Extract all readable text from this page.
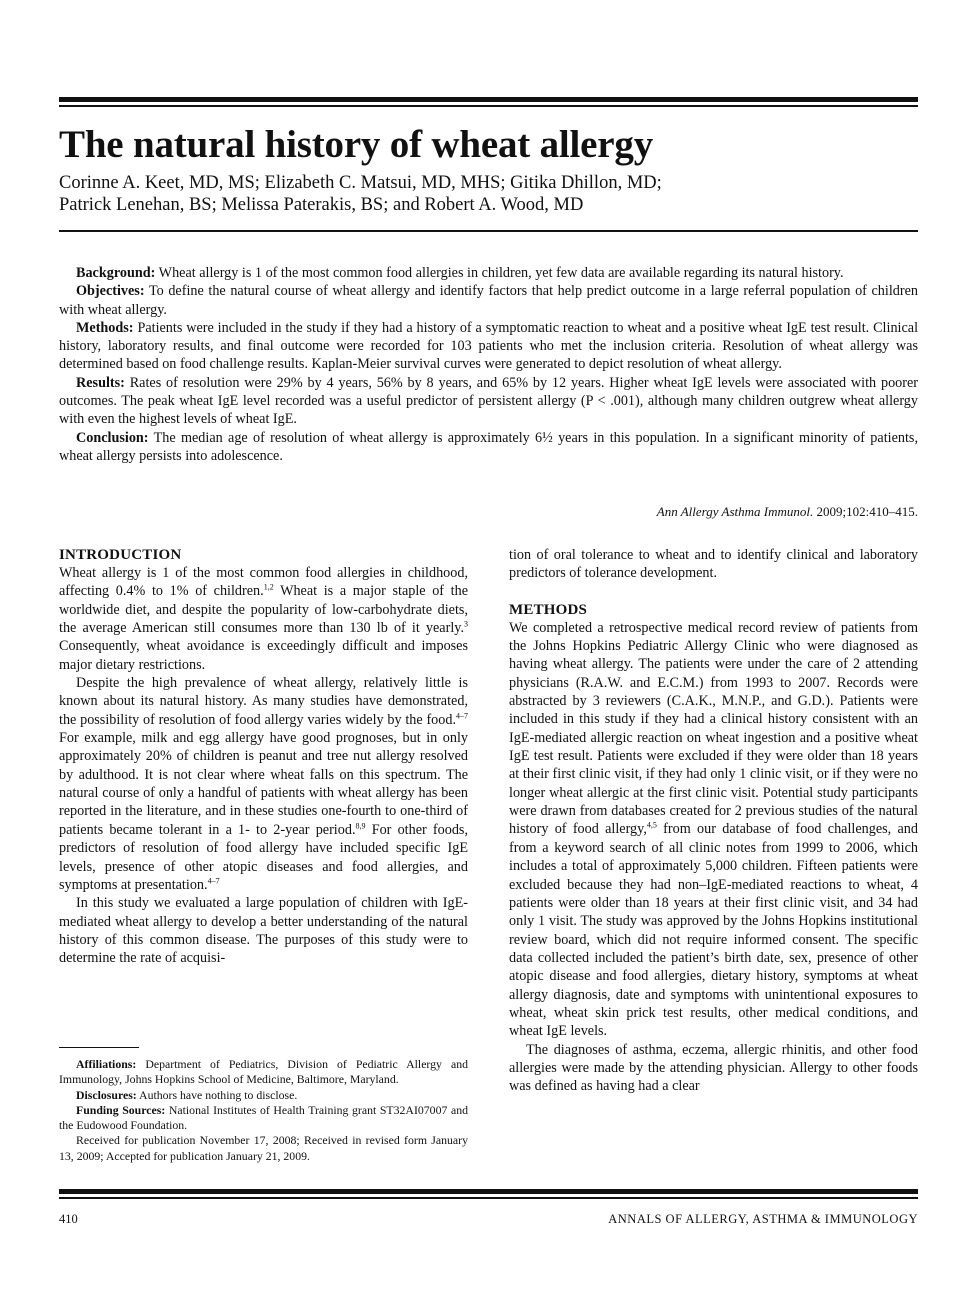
The natural history of wheat allergy
Corinne A. Keet, MD, MS; Elizabeth C. Matsui, MD, MHS; Gitika Dhillon, MD;
Patrick Lenehan, BS; Melissa Paterakis, BS; and Robert A. Wood, MD

Background: Wheat allergy is 1 of the most common food allergies in children, yet few data are available regarding its natural history.

Objectives: To define the natural course of wheat allergy and identify factors that help predict outcome in a large referral population of children with wheat allergy.

Methods: Patients were included in the study if they had a history of a symptomatic reaction to wheat and a positive wheat IgE test result. Clinical history, laboratory results, and final outcome were recorded for 103 patients who met the inclusion criteria. Resolution of wheat allergy was determined based on food challenge results. Kaplan-Meier survival curves were generated to depict resolution of wheat allergy.

Results: Rates of resolution were 29% by 4 years, 56% by 8 years, and 65% by 12 years. Higher wheat IgE levels were associated with poorer outcomes. The peak wheat IgE level recorded was a useful predictor of persistent allergy (P < .001), although many children outgrew wheat allergy with even the highest levels of wheat IgE.

Conclusion: The median age of resolution of wheat allergy is approximately 6½ years in this population. In a significant minority of patients, wheat allergy persists into adolescence.

Ann Allergy Asthma Immunol. 2009;102:410–415.
INTRODUCTION

Wheat allergy is 1 of the most common food allergies in childhood, affecting 0.4% to 1% of children.$^{1,2}$ Wheat is a major staple of the worldwide diet, and despite the popularity of low-carbohydrate diets, the average American still consumes more than 130 lb of it yearly.$^3$ Consequently, wheat avoidance is exceedingly difficult and imposes major dietary restrictions.

Despite the high prevalence of wheat allergy, relatively little is known about its natural history. As many studies have demonstrated, the possibility of resolution of food allergy varies widely by the food.$^{4-7}$ For example, milk and egg allergy have good prognoses, but in only approximately 20% of children is peanut and tree nut allergy resolved by adulthood. It is not clear where wheat falls on this spectrum. The natural course of only a handful of patients with wheat allergy has been reported in the literature, and in these studies one-fourth to one-third of patients became tolerant in a 1- to 2-year period.$^{8,9}$ For other foods, predictors of resolution of food allergy have included specific IgE levels, presence of other atopic diseases and food allergies, and symptoms at presentation.$^{4-7}$

In this study we evaluated a large population of children with IgE-mediated wheat allergy to develop a better understanding of the natural history of this common disease. The purposes of this study were to determine the rate of acquisi-

Affiliations: Department of Pediatrics, Division of Pediatric Allergy and Immunology, Johns Hopkins School of Medicine, Baltimore, Maryland.

Disclosures: Authors have nothing to disclose.

Funding Sources: National Institutes of Health Training grant ST32AI07007 and the Eudowood Foundation.

Received for publication November 17, 2008; Received in revised form January 13, 2009; Accepted for publication January 21, 2009.

tion of oral tolerance to wheat and to identify clinical and laboratory predictors of tolerance development.

METHODS

We completed a retrospective medical record review of patients from the Johns Hopkins Pediatric Allergy Clinic who were diagnosed as having wheat allergy. The patients were under the care of 2 attending physicians (R.A.W. and E.C.M.) from 1993 to 2007. Records were abstracted by 3 reviewers (C.A.K., M.N.P., and G.D.). Patients were included in this study if they had a clinical history consistent with an IgE-mediated allergic reaction on wheat ingestion and a positive wheat IgE test result. Patients were excluded if they were older than 18 years at their first clinic visit, if they had only 1 clinic visit, or if they were no longer wheat allergic at the first clinic visit. Potential study participants were drawn from databases created for 2 previous studies of the natural history of food allergy,$^{4,5}$ from our database of food challenges, and from a keyword search of all clinic notes from 1999 to 2006, which includes a total of approximately 5,000 children. Fifteen patients were excluded because they had non–IgE-mediated reactions to wheat, 4 patients were older than 18 years at their first clinic visit, and 34 had only 1 visit. The study was approved by the Johns Hopkins institutional review board, which did not require informed consent. The specific data collected included the patient’s birth date, sex, presence of other atopic disease and food allergies, dietary history, symptoms at wheat allergy diagnosis, date and symptoms with unintentional exposures to wheat, wheat skin prick test results, other medical conditions, and wheat IgE levels.

The diagnoses of asthma, eczema, allergic rhinitis, and other food allergies were made by the attending physician. Allergy to other foods was defined as having had a clear

410	ANNALS OF ALLERGY, ASTHMA & IMMUNOLOGY
